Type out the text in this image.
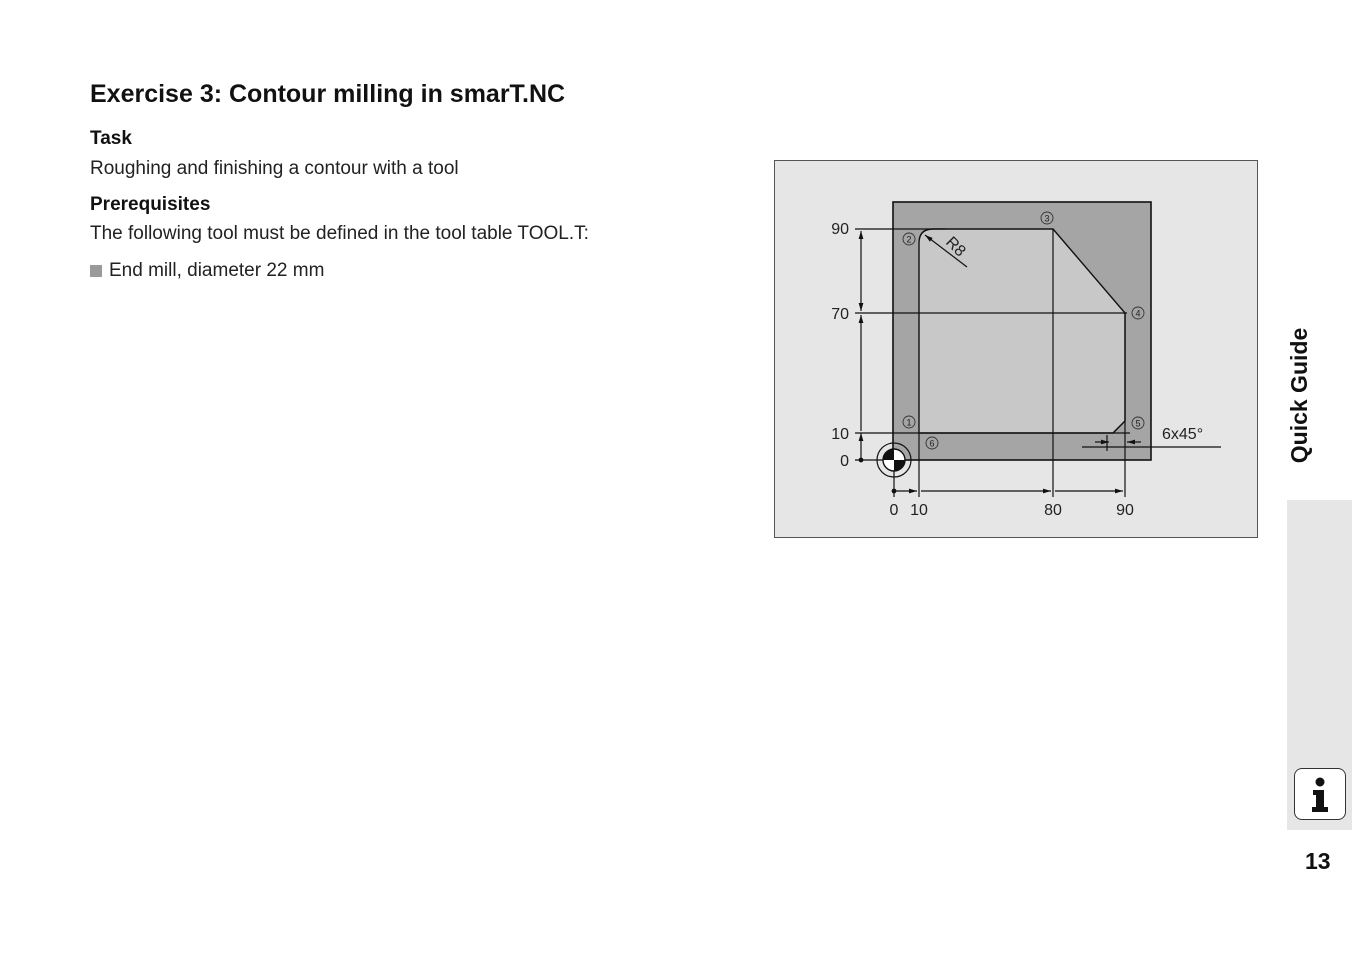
Exercise 3: Contour milling in smarT.NC
Task

Roughing and finishing a contour with a tool

Prerequisites

The following tool must be defined in the tool table TOOL.T:

End mill, diameter 22 mm
90
70
10
0
0 10	80	90
1
2
3
4
5
6
R8
6x45°	Quick Guide
13
